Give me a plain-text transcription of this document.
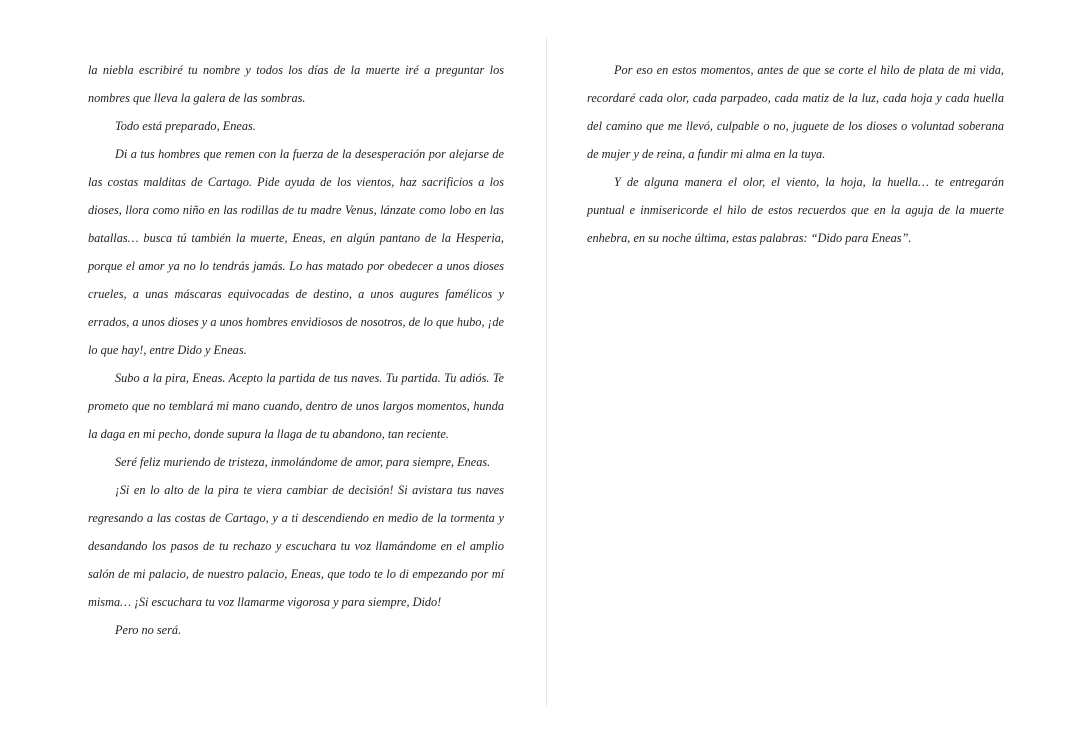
la niebla escribiré tu nombre y todos los días de la muerte iré a preguntar los nombres que lleva la galera de las sombras.

Todo está preparado, Eneas.

Di a tus hombres que remen con la fuerza de la desesperación por alejarse de las costas malditas de Cartago. Pide ayuda de los vientos, haz sacrificios a los dioses, llora como niño en las rodillas de tu madre Venus, lánzate como lobo en las batallas… busca tú también la muerte, Eneas, en algún pantano de la Hesperia, porque el amor ya no lo tendrás jamás. Lo has matado por obedecer a unos dioses crueles, a unas máscaras equivocadas de destino, a unos augures famélicos y errados, a unos dioses y a unos hombres envidiosos de nosotros, de lo que hubo, ¡de lo que hay!, entre Dido y Eneas.

Subo a la pira, Eneas. Acepto la partida de tus naves. Tu partida. Tu adiós. Te prometo que no temblará mi mano cuando, dentro de unos largos momentos, hunda la daga en mi pecho, donde supura la llaga de tu abandono, tan reciente.

Seré feliz muriendo de tristeza, inmolándome de amor, para siempre, Eneas.

¡Si en lo alto de la pira te viera cambiar de decisión! Si avistara tus naves regresando a las costas de Cartago, y a ti descendiendo en medio de la tormenta y desandando los pasos de tu rechazo y escuchara tu voz llamándome en el amplio salón de mi palacio, de nuestro palacio, Eneas, que todo te lo di empezando por mí misma… ¡Si escuchara tu voz llamarme vigorosa y para siempre, Dido!

Pero no será.

Por eso en estos momentos, antes de que se corte el hilo de plata de mi vida, recordaré cada olor, cada parpadeo, cada matiz de la luz, cada hoja y cada huella del camino que me llevó, culpable o no, juguete de los dioses o voluntad soberana de mujer y de reina, a fundir mi alma en la tuya.

Y de alguna manera el olor, el viento, la hoja, la huella… te entregarán puntual e inmisericorde el hilo de estos recuerdos que en la aguja de la muerte enhebra, en su noche última, estas palabras: “Dido para Eneas”.
